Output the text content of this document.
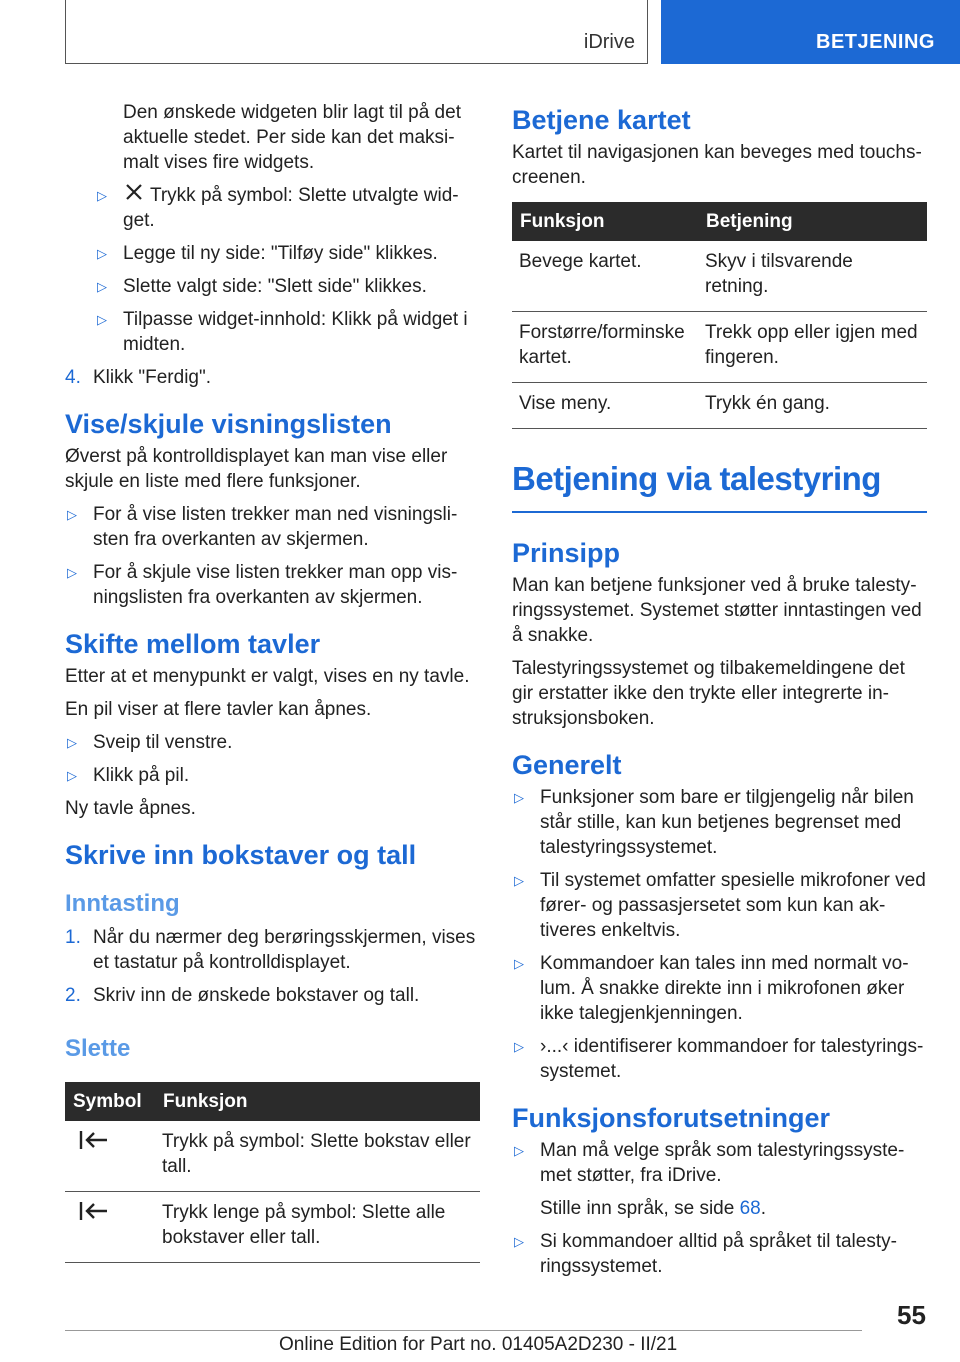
iDrive	BETJENING

Den ønskede widgeten blir lagt til på det aktuelle stedet. Per side kan det maksimalt vises fire widgets.

▷ Trykk på symbol: Slette utvalgte widget.
▷ Legge til ny side: "Tilføy side" klikkes.
▷ Slette valgt side: "Slett side" klikkes.
▷ Tilpasse widget-innhold: Klikk på widget i midten.
4. Klikk "Ferdig".
Vise/skjule visningslisten

Øverst på kontrolldisplayet kan man vise eller skjule en liste med flere funksjoner.

▷ For å vise listen trekker man ned visningslisten fra overkanten av skjermen.
▷ For å skjule vise listen trekker man opp visningslisten fra overkanten av skjermen.
Skifte mellom tavler

Etter at et menypunkt er valgt, vises en ny tavle.

En pil viser at flere tavler kan åpnes.

▷ Sveip til venstre.
▷ Klikk på pil.

Ny tavle åpnes.

Skrive inn bokstaver og tall
Inntasting
1. Når du nærmer deg berøringsskjermen, vises et tastatur på kontrolldisplayet.
2. Skriv inn de ønskede bokstaver og tall.
Slette
Symbol	Funksjon
	Trykk på symbol: Slette bokstav eller tall.
	Trykk lenge på symbol: Slette alle bokstaver eller tall.
Betjene kartet

Kartet til navigasjonen kan beveges med touchscreenen.

Funksjon	Betjening
Bevege kartet.	Skyv i tilsvarende retning.
Forstørre/forminske kartet.	Trekk opp eller igjen med fingeren.
Vise meny.	Trykk én gang.
Betjening via talestyring
Prinsipp

Man kan betjene funksjoner ved å bruke talestyringssystemet. Systemet støtter inntastingen ved å snakke.

Talestyringssystemet og tilbakemeldingene det gir erstatter ikke den trykte eller integrerte instruksjonsboken.

Generelt
▷ Funksjoner som bare er tilgjengelig når bilen står stille, kan kun betjenes begrenset med talestyringssystemet.
▷ Til systemet omfatter spesielle mikrofoner ved fører- og passasjersetet som kun kan aktiveres enkeltvis.
▷ Kommandoer kan tales inn med normalt volum. Å snakke direkte inn i mikrofonen øker ikke talegjenkjenningen.
▷ ›...‹ identifiserer kommandoer for talestyringssystemet.
Funksjonsforutsetninger
▷ Man må velge språk som talestyringssystemet støtter, fra iDrive.

Stille inn språk, se side 68.

▷ Si kommandoer alltid på språket til talestyringssystemet.
55
Online Edition for Part no. 01405A2D230 - II/21
